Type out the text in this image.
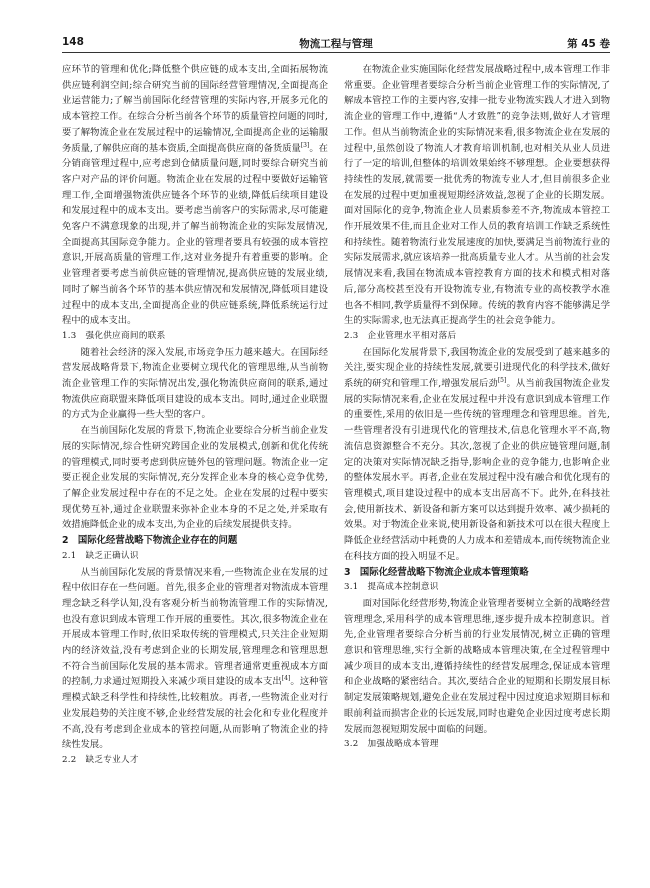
148	物流工程与管理	第 45 卷

应环节的管理和优化;降低整个供应链的成本支出,全面拓展物流供应链利润空间;综合研究当前的国际经营管理情况,全面提高企业运营能力;了解当前国际化经营管理的实际内容,开展多元化的成本管控工作。在综合分析当前各个环节的质量管控问题的同时,要了解物流企业在发展过程中的运输情况,全面提高企业的运输服务质量,了解供应商的基本资质,全面提高供应商的备货质量[3]。在分销商管理过程中,应考虑到仓储质量问题,同时要综合研究当前客户对产品的评价问题。物流企业在发展的过程中要做好运输管理工作,全面增强物流供应链各个环节的业绩,降低后续项目建设和发展过程中的成本支出。要考虑当前客户的实际需求,尽可能避免客户不满意现象的出现,并了解当前物流企业的实际发展情况,全面提高其国际竞争能力。企业的管理者要具有较强的成本管控意识,开展高质量的管理工作,这对业务提升有着重要的影响。企业管理者要考虑当前供应链的管理情况,提高供应链的发展业绩,同时了解当前各个环节的基本供应情况和发展情况,降低项目建设过程中的成本支出,全面提高企业的供应链系统,降低系统运行过程中的成本支出。

1.3　强化供应商间的联系

随着社会经济的深入发展,市场竞争压力越来越大。在国际经营发展战略背景下,物流企业要树立现代化的管理思维,从当前物流企业管理工作的实际情况出发,强化物流供应商间的联系,通过物流供应商联盟来降低项目建设的成本支出。同时,通过企业联盟的方式为企业赢得一些大型的客户。

在当前国际化发展的背景下,物流企业要综合分析当前企业发展的实际情况,综合性研究跨国企业的发展模式,创新和优化传统的管理模式,同时要考虑到供应链外包的管理问题。物流企业一定要正视企业发展的实际情况,充分发挥企业本身的核心竞争优势,了解企业发展过程中存在的不足之处。企业在发展的过程中要实现优势互补,通过企业联盟来弥补企业本身的不足之处,并采取有效措施降低企业的成本支出,为企业的后续发展提供支持。

2　国际化经营战略下物流企业存在的问题
2.1　缺乏正确认识

从当前国际化发展的背景情况来看,一些物流企业在发展的过程中依旧存在一些问题。首先,很多企业的管理者对物流成本管理理念缺乏科学认知,没有客观分析当前物流管理工作的实际情况,也没有意识到成本管理工作开展的重要性。其次,很多物流企业在开展成本管理工作时,依旧采取传统的管理模式,只关注企业短期内的经济效益,没有考虑到企业的长期发展,管理理念和管理思想不符合当前国际化发展的基本需求。管理者通常更重视成本方面的控制,力求通过短期投入来减少项目建设的成本支出[4]。这种管理模式缺乏科学性和持续性,比较粗放。再者,一些物流企业对行业发展趋势的关注度不够,企业经营发展的社会化和专业化程度并不高,没有考虑到企业成本的管控问题,从而影响了物流企业的持续性发展。

2.2　缺乏专业人才

在物流企业实施国际化经营发展战略过程中,成本管理工作非常重要。企业管理者要综合分析当前企业管理工作的实际情况,了解成本管控工作的主要内容,安排一批专业物流实践人才进入到物流企业的管理工作中,遵循“人才致胜”的竞争法则,做好人才管理工作。但从当前物流企业的实际情况来看,很多物流企业在发展的过程中,虽然创设了物流人才教育培训机制,也对相关从业人员进行了一定的培训,但整体的培训效果始终不够理想。企业要想获得持续性的发展,就需要一批优秀的物流专业人才,但目前很多企业在发展的过程中更加重视短期经济效益,忽视了企业的长期发展。面对国际化的竞争,物流企业人员素质参差不齐,物流成本管控工作开展效果不佳,而且企业对工作人员的教育培训工作缺乏系统性和持续性。随着物流行业发展速度的加快,要满足当前物流行业的实际发展需求,就应该培养一批高质量专业人才。从当前的社会发展情况来看,我国在物流成本管控教育方面的技术和模式相对落后,部分高校甚至没有开设物流专业,有物流专业的高校教学水准也各不相同,教学质量得不到保障。传统的教育内容不能够满足学生的实际需求,也无法真正提高学生的社会竞争能力。

2.3　企业管理水平相对落后

在国际化发展背景下,我国物流企业的发展受到了越来越多的关注,要实现企业的持续性发展,就要引进现代化的科学技术,做好系统的研究和管理工作,增强发展后劲[5]。从当前我国物流企业发展的实际情况来看,企业在发展过程中并没有意识到成本管理工作的重要性,采用的依旧是一些传统的管理理念和管理思维。首先,一些管理者没有引进现代化的管理技术,信息化管理水平不高,物流信息资源整合不充分。其次,忽视了企业的供应链管理问题,制定的决策对实际情况缺乏指导,影响企业的竞争能力,也影响企业的整体发展水平。再者,企业在发展过程中没有融合和优化现有的管理模式,项目建设过程中的成本支出居高不下。此外,在科技社会,使用新技术、新设备和新方案可以达到提升效率、减少损耗的效果。对于物流企业来说,使用新设备和新技术可以在很大程度上降低企业经营活动中耗费的人力成本和差错成本,而传统物流企业在科技方面的投入明显不足。

3　国际化经营战略下物流企业成本管理策略
3.1　提高成本控制意识

面对国际化经营形势,物流企业管理者要树立全新的战略经营管理理念,采用科学的成本管理思维,逐步提升成本控制意识。首先,企业管理者要综合分析当前的行业发展情况,树立正确的管理意识和管理思维,实行全新的战略成本管理决策,在全过程管理中减少项目的成本支出,遵循持续性的经营发展理念,保证成本管理和企业战略的紧密结合。其次,要结合企业的短期和长期发展目标制定发展策略规划,避免企业在发展过程中因过度追求短期目标和眼前利益而损害企业的长远发展,同时也避免企业因过度考虑长期发展而忽视短期发展中面临的问题。

3.2　加强战略成本管理
